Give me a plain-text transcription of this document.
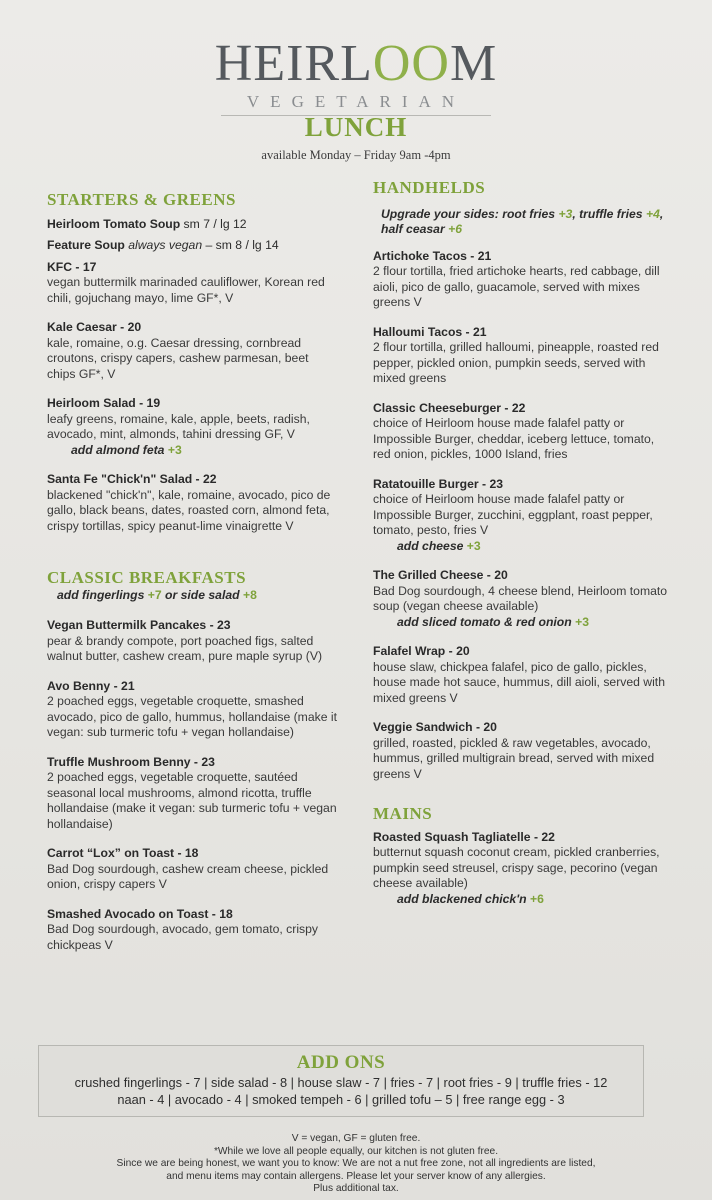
HEIRLOOM
VEGETARIAN
LUNCH
available Monday – Friday 9am -4pm
STARTERS & GREENS
Heirloom Tomato Soup sm 7 / lg 12
Feature Soup always vegan – sm 8 / lg 14
KFC - 17
vegan buttermilk marinaded cauliflower, Korean red chili, gojuchang mayo, lime GF*, V
Kale Caesar - 20
kale, romaine, o.g. Caesar dressing, cornbread croutons, crispy capers, cashew parmesan, beet chips GF*, V
Heirloom Salad - 19
leafy greens, romaine, kale, apple, beets, radish, avocado, mint, almonds, tahini dressing GF, V
add almond feta +3
Santa Fe "Chick'n" Salad - 22
blackened "chick'n", kale, romaine, avocado, pico de gallo, black beans, dates, roasted corn, almond feta, crispy tortillas, spicy peanut-lime vinaigrette V
CLASSIC BREAKFASTS
add fingerlings +7 or side salad +8
Vegan Buttermilk Pancakes - 23
pear & brandy compote, port poached figs, salted walnut butter, cashew cream, pure maple syrup (V)
Avo Benny - 21
2 poached eggs, vegetable croquette, smashed avocado, pico de gallo, hummus, hollandaise (make it vegan: sub turmeric tofu + vegan hollandaise)
Truffle Mushroom Benny - 23
2 poached eggs, vegetable croquette, sautéed seasonal local mushrooms, almond ricotta, truffle hollandaise (make it vegan: sub turmeric tofu + vegan hollandaise)
Carrot “Lox” on Toast - 18
Bad Dog sourdough, cashew cream cheese, pickled onion, crispy capers V
Smashed Avocado on Toast - 18
Bad Dog sourdough, avocado, gem tomato, crispy chickpeas V
HANDHELDS
Upgrade your sides: root fries +3, truffle fries +4,
half ceasar +6
Artichoke Tacos - 21
2 flour tortilla, fried artichoke hearts, red cabbage, dill aioli, pico de gallo, guacamole, served with mixes greens V
Halloumi Tacos - 21
2 flour tortilla, grilled halloumi, pineapple, roasted red pepper, pickled onion, pumpkin seeds, served with mixed greens
Classic Cheeseburger - 22
choice of Heirloom house made falafel patty or Impossible Burger, cheddar, iceberg lettuce, tomato, red onion, pickles, 1000 Island, fries
Ratatouille Burger - 23
choice of Heirloom house made falafel patty or Impossible Burger, zucchini, eggplant, roast pepper, tomato, pesto, fries V
add cheese +3
The Grilled Cheese - 20
Bad Dog sourdough, 4 cheese blend, Heirloom tomato soup (vegan cheese available)
add sliced tomato & red onion +3
Falafel Wrap - 20
house slaw, chickpea falafel, pico de gallo, pickles, house made hot sauce, hummus, dill aioli, served with mixed greens V
Veggie Sandwich - 20
grilled, roasted, pickled & raw vegetables, avocado, hummus, grilled multigrain bread, served with mixed greens V
MAINS
Roasted Squash Tagliatelle - 22
butternut squash coconut cream, pickled cranberries, pumpkin seed streusel, crispy sage, pecorino (vegan cheese available)
add blackened chick'n +6
ADD ONS
crushed fingerlings - 7 | side salad - 8 | house slaw - 7 | fries - 7 | root fries - 9 | truffle fries - 12
naan - 4 | avocado - 4 | smoked tempeh - 6 | grilled tofu – 5 | free range egg - 3
V = vegan, GF = gluten free.
*While we love all people equally, our kitchen is not gluten free.
Since we are being honest, we want you to know: We are not a nut free zone, not all ingredients are listed,
and menu items may contain allergens. Please let your server know of any allergies.
Plus additional tax.
